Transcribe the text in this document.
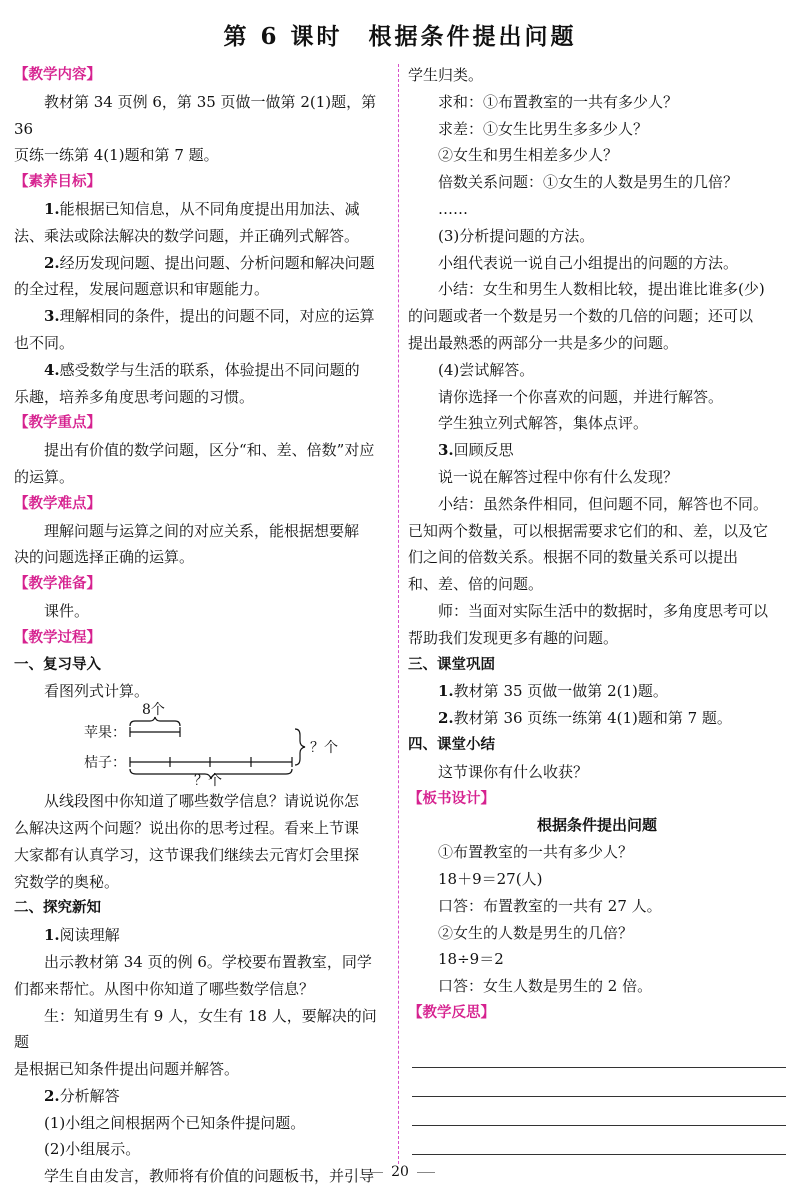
第 6 课时　根据条件提出问题

【教学内容】

教材第 34 页例 6，第 35 页做一做第 2(1)题，第 36

页练一练第 4(1)题和第 7 题。

【素养目标】

1.能根据已知信息，从不同角度提出用加法、减

法、乘法或除法解决的数学问题，并正确列式解答。

2.经历发现问题、提出问题、分析问题和解决问题

的全过程，发展问题意识和审题能力。

3.理解相同的条件，提出的问题不同，对应的运算

也不同。

4.感受数学与生活的联系，体验提出不同问题的

乐趣，培养多角度思考问题的习惯。

【教学重点】

提出有价值的数学问题，区分“和、差、倍数”对应

的运算。

【教学难点】

理解问题与运算之间的对应关系，能根据想要解

决的问题选择正确的运算。

【教学准备】

课件。

【教学过程】

一、复习导入

看图列式计算。

8个
苹果：
桔子：
？个
？个

从线段图中你知道了哪些数学信息？请说说你怎

么解决这两个问题？说出你的思考过程。看来上节课

大家都有认真学习，这节课我们继续去元宵灯会里探

究数学的奥秘。

二、探究新知

1.阅读理解

出示教材第 34 页的例 6。学校要布置教室，同学

们都来帮忙。从图中你知道了哪些数学信息？

生：知道男生有 9 人，女生有 18 人，要解决的问题

是根据已知条件提出问题并解答。

2.分析解答

(1)小组之间根据两个已知条件提问题。

(2)小组展示。

学生自由发言，教师将有价值的问题板书，并引导

学生归类。

求和：①布置教室的一共有多少人？

求差：①女生比男生多多少人？

②女生和男生相差多少人？

倍数关系问题：①女生的人数是男生的几倍？

……

(3)分析提问题的方法。

小组代表说一说自己小组提出的问题的方法。

小结：女生和男生人数相比较，提出谁比谁多(少)

的问题或者一个数是另一个数的几倍的问题；还可以

提出最熟悉的两部分一共是多少的问题。

(4)尝试解答。

请你选择一个你喜欢的问题，并进行解答。

学生独立列式解答，集体点评。

3.回顾反思

说一说在解答过程中你有什么发现？

小结：虽然条件相同，但问题不同，解答也不同。

已知两个数量，可以根据需要求它们的和、差，以及它

们之间的倍数关系。根据不同的数量关系可以提出

和、差、倍的问题。

师：当面对实际生活中的数据时，多角度思考可以

帮助我们发现更多有趣的问题。

三、课堂巩固

1.教材第 35 页做一做第 2(1)题。

2.教材第 36 页练一练第 4(1)题和第 7 题。

四、课堂小结

这节课你有什么收获？

【板书设计】

根据条件提出问题

①布置教室的一共有多少人？

18＋9＝27(人)

口答：布置教室的一共有 27 人。

②女生的人数是男生的几倍？

18÷9＝2

口答：女生人数是男生的 2 倍。

【教学反思】

20
